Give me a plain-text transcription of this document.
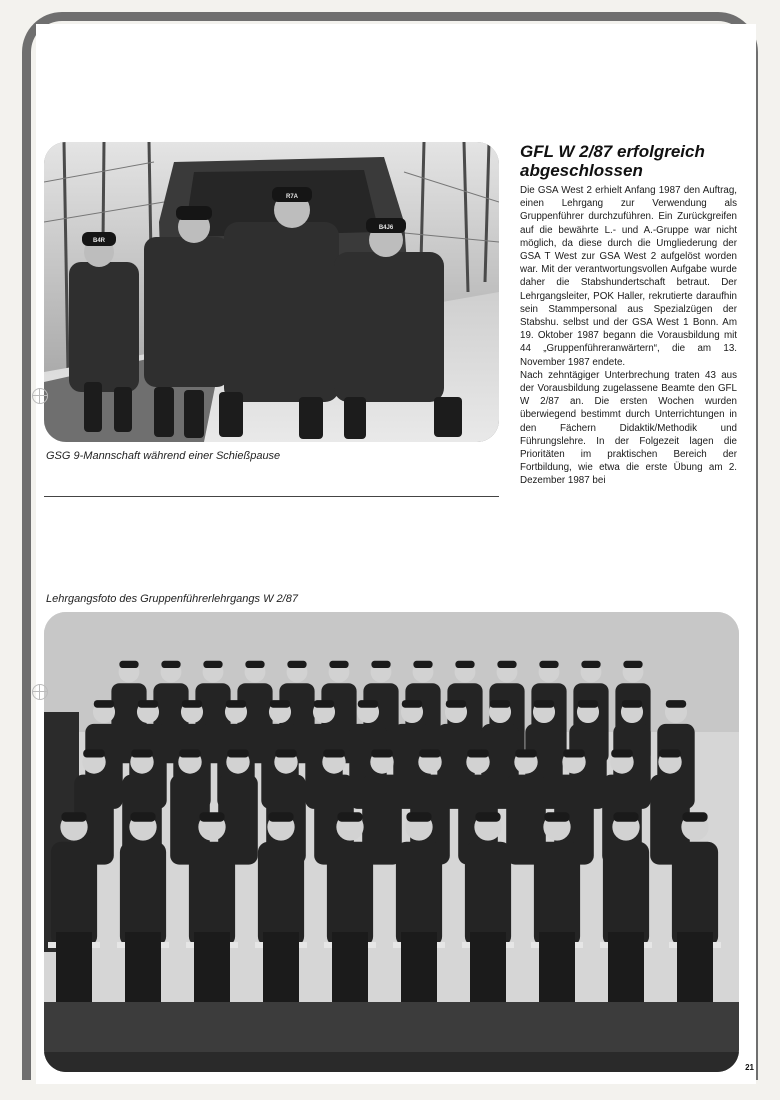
B4R
R7A
B4J6
GSG 9-Mannschaft während einer Schießpause
GFL W 2/87 erfolgreich
abgeschlossen

Die GSA West 2 erhielt Anfang 1987 den Auftrag, einen Lehrgang zur Verwendung als Gruppenführer durchzuführen. Ein Zurückgreifen auf die bewährte L.- und A.-Gruppe war nicht möglich, da diese durch die Umgliederung der GSA T West zur GSA West 2 aufgelöst worden war. Mit der verantwortungsvollen Aufgabe wurde daher die Stabshundertschaft betraut. Der Lehrgangsleiter, POK Haller, rekrutierte daraufhin sein Stammpersonal aus Spezialzügen der Stabshu. selbst und der GSA West 1 Bonn. Am 19. Oktober 1987 begann die Vorausbildung mit 44 „Gruppenführeranwärtern“, die am 13. November 1987 endete.

Nach zehntägiger Unterbrechung traten 43 aus der Vorausbildung zugelassene Beamte den GFL W 2/87 an. Die ersten Wochen wurden überwiegend bestimmt durch Unterrichtungen in den Fächern Didaktik/Methodik und Führungslehre. In der Folgezeit lagen die Prioritäten im praktischen Bereich der Fortbildung, wie etwa die erste Übung am 2. Dezember 1987 bei

Lehrgangsfoto des Gruppenführerlehrgangs W 2/87
21
